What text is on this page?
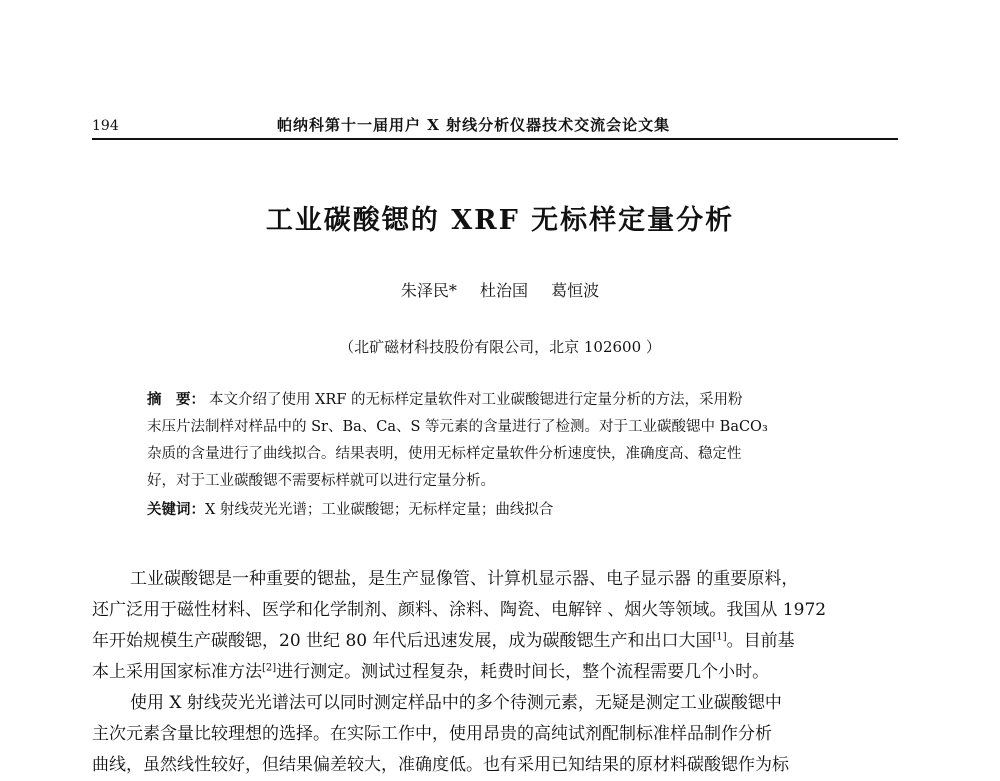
194	帕纳科第十一届用户 X 射线分析仪器技术交流会论文集
工业碳酸锶的 XRF 无标样定量分析
朱泽民* 杜治国 葛恒波
（北矿磁材科技股份有限公司，北京 102600 ）
摘　要： 本文介绍了使用 XRF 的无标样定量软件对工业碳酸锶进行定量分析的方法，采用粉
末压片法制样对样品中的 Sr、Ba、Ca、S 等元素的含量进行了检测。对于工业碳酸锶中 BaCO₃
杂质的含量进行了曲线拟合。结果表明，使用无标样定量软件分析速度快，准确度高、稳定性
好，对于工业碳酸锶不需要标样就可以进行定量分析。
关键词：X 射线荧光光谱；工业碳酸锶；无标样定量；曲线拟合
工业碳酸锶是一种重要的锶盐，是生产显像管、计算机显示器、电子显示器 的重要原料，
还广泛用于磁性材料、医学和化学制剂、颜料、涂料、陶瓷、电解锌 、烟火等领域。我国从 1972
年开始规模生产碳酸锶，20 世纪 80 年代后迅速发展，成为碳酸锶生产和出口大国[1]。目前基
本上采用国家标准方法[2]进行测定。测试过程复杂，耗费时间长，整个流程需要几个小时。
使用 X 射线荧光光谱法可以同时测定样品中的多个待测元素，无疑是测定工业碳酸锶中
主次元素含量比较理想的选择。在实际工作中，使用昂贵的高纯试剂配制标准样品制作分析
曲线，虽然线性较好，但结果偏差较大，准确度低。也有采用已知结果的原材料碳酸锶作为标
